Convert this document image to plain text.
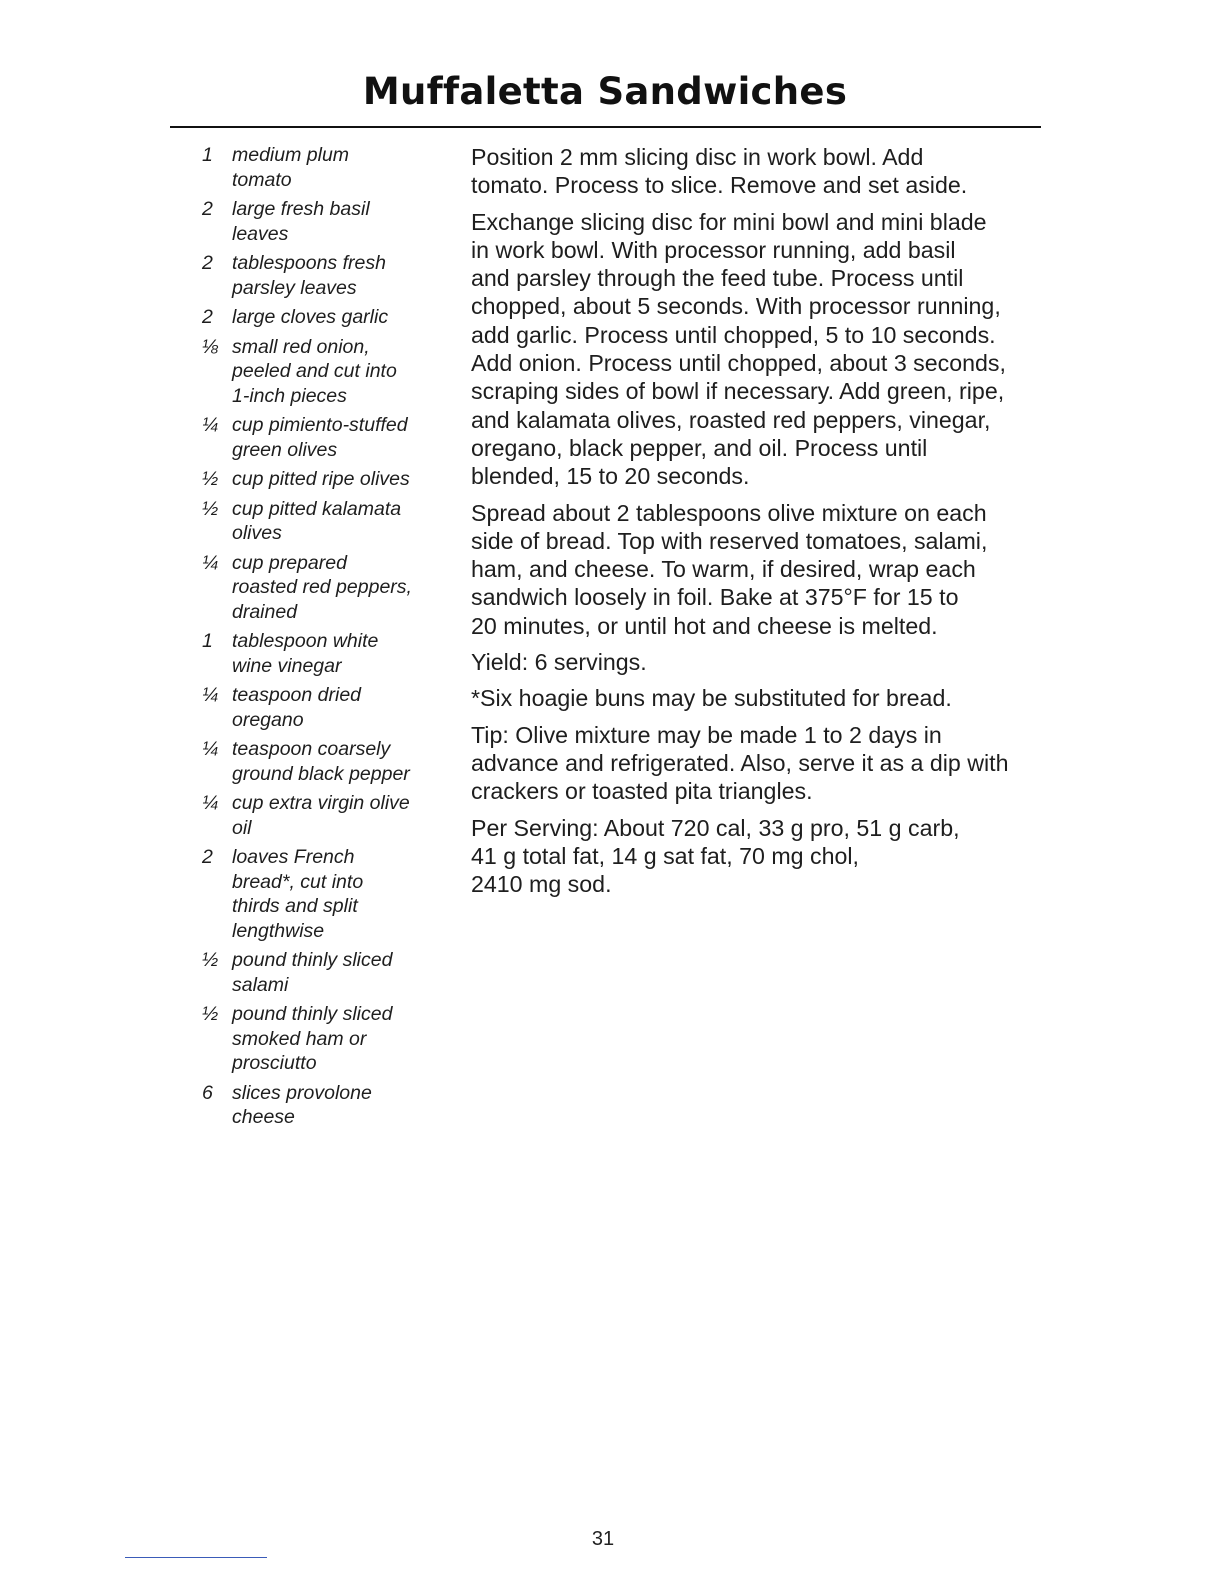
Muffaletta Sandwiches
1 medium plum
tomato
2 large fresh basil
leaves
2 tablespoons fresh
parsley leaves
2 large cloves garlic
⅛ small red onion,
peeled and cut into
1-inch pieces
¼ cup pimiento-stuffed
green olives
½ cup pitted ripe olives
½ cup pitted kalamata
olives
¼ cup prepared
roasted red peppers,
drained
1 tablespoon white
wine vinegar
¼ teaspoon dried
oregano
¼ teaspoon coarsely
ground black pepper
¼ cup extra virgin olive
oil
2 loaves French
bread*, cut into
thirds and split
lengthwise
½ pound thinly sliced
salami
½ pound thinly sliced
smoked ham or
prosciutto
6 slices provolone
cheese

Position 2 mm slicing disc in work bowl. Add
tomato. Process to slice. Remove and set aside.

Exchange slicing disc for mini bowl and mini blade
in work bowl. With processor running, add basil
and parsley through the feed tube. Process until
chopped, about 5 seconds. With processor running,
add garlic. Process until chopped, 5 to 10 seconds.
Add onion. Process until chopped, about 3 seconds,
scraping sides of bowl if necessary. Add green, ripe,
and kalamata olives, roasted red peppers, vinegar,
oregano, black pepper, and oil. Process until
blended, 15 to 20 seconds.

Spread about 2 tablespoons olive mixture on each
side of bread. Top with reserved tomatoes, salami,
ham, and cheese. To warm, if desired, wrap each
sandwich loosely in foil. Bake at 375°F for 15 to
20 minutes, or until hot and cheese is melted.

Yield: 6 servings.

*Six hoagie buns may be substituted for bread.

Tip: Olive mixture may be made 1 to 2 days in
advance and refrigerated. Also, serve it as a dip with
crackers or toasted pita triangles.

Per Serving: About 720 cal, 33 g pro, 51 g carb,
41 g total fat, 14 g sat fat, 70 mg chol,
2410 mg sod.

31
